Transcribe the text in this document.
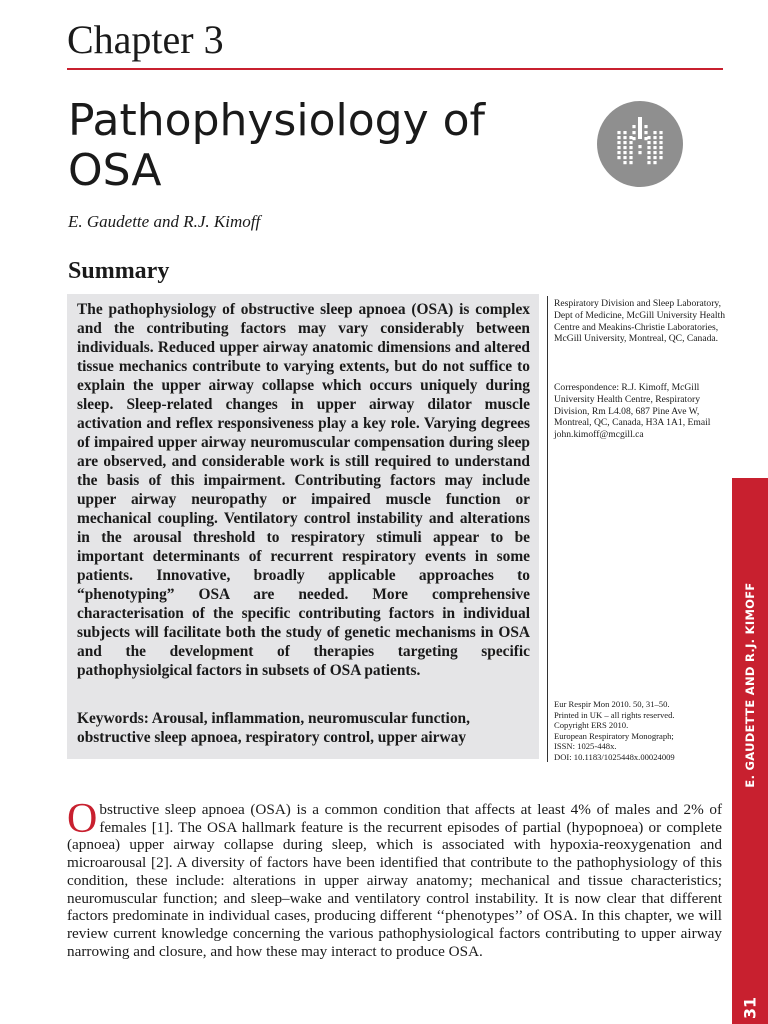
Chapter 3
Pathophysiology of
OSA
E. Gaudette and R.J. Kimoff
Summary
The pathophysiology of obstructive sleep apnoea (OSA) is complex and the contributing factors may vary considerably between individuals. Reduced upper airway anatomic dimensions and altered tissue mechanics contribute to varying extents, but do not suffice to explain the upper airway collapse which occurs uniquely during sleep. Sleep-related changes in upper airway dilator muscle activation and reflex responsiveness play a key role. Varying degrees of impaired upper airway neuromuscular compensation during sleep are observed, and considerable work is still required to understand the basis of this impairment. Contributing factors may include upper airway neuropathy or impaired muscle function or mechanical coupling. Ventilatory control instability and alterations in the arousal threshold to respiratory stimuli appear to be important determinants of recurrent respiratory events in some patients. Innovative, broadly applicable approaches to “phenotyping” OSA are needed. More comprehensive characterisation of the specific contributing factors in individual subjects will facilitate both the study of genetic mechanisms in OSA and the development of therapies targeting specific pathophysiolgical factors in subsets of OSA patients.
Keywords: Arousal, inflammation, neuromuscular function, obstructive sleep apnoea, respiratory control, upper airway
Respiratory Division and Sleep Laboratory, Dept of Medicine, McGill University Health Centre and Meakins-Christie Laboratories, McGill University, Montreal, QC, Canada.
Correspondence: R.J. Kimoff, McGill University Health Centre, Respiratory Division, Rm L4.08, 687 Pine Ave W, Montreal, QC, Canada, H3A 1A1, Email john.kimoff@mcgill.ca
Eur Respir Mon 2010. 50, 31–50.
Printed in UK – all rights reserved.
Copyright ERS 2010.
European Respiratory Monograph;
ISSN: 1025-448x.
DOI: 10.1183/1025448x.00024009
Obstructive sleep apnoea (OSA) is a common condition that affects at least 4% of males and 2% of females [1]. The OSA hallmark feature is the recurrent episodes of partial (hypopnoea) or complete (apnoea) upper airway collapse during sleep, which is associated with hypoxia-reoxygenation and microarousal [2]. A diversity of factors have been identified that contribute to the pathophysiology of this condition, these include: alterations in upper airway anatomy; mechanical and tissue characteristics; neuromuscular function; and sleep–wake and ventilatory control instability. It is now clear that different factors predominate in individual cases, producing different ‘‘phenotypes’’ of OSA. In this chapter, we will review current knowledge concerning the various pathophysiological factors contributing to upper airway narrowing and closure, and how these may interact to produce OSA.
E. GAUDETTE AND R.J. KIMOFF
31
